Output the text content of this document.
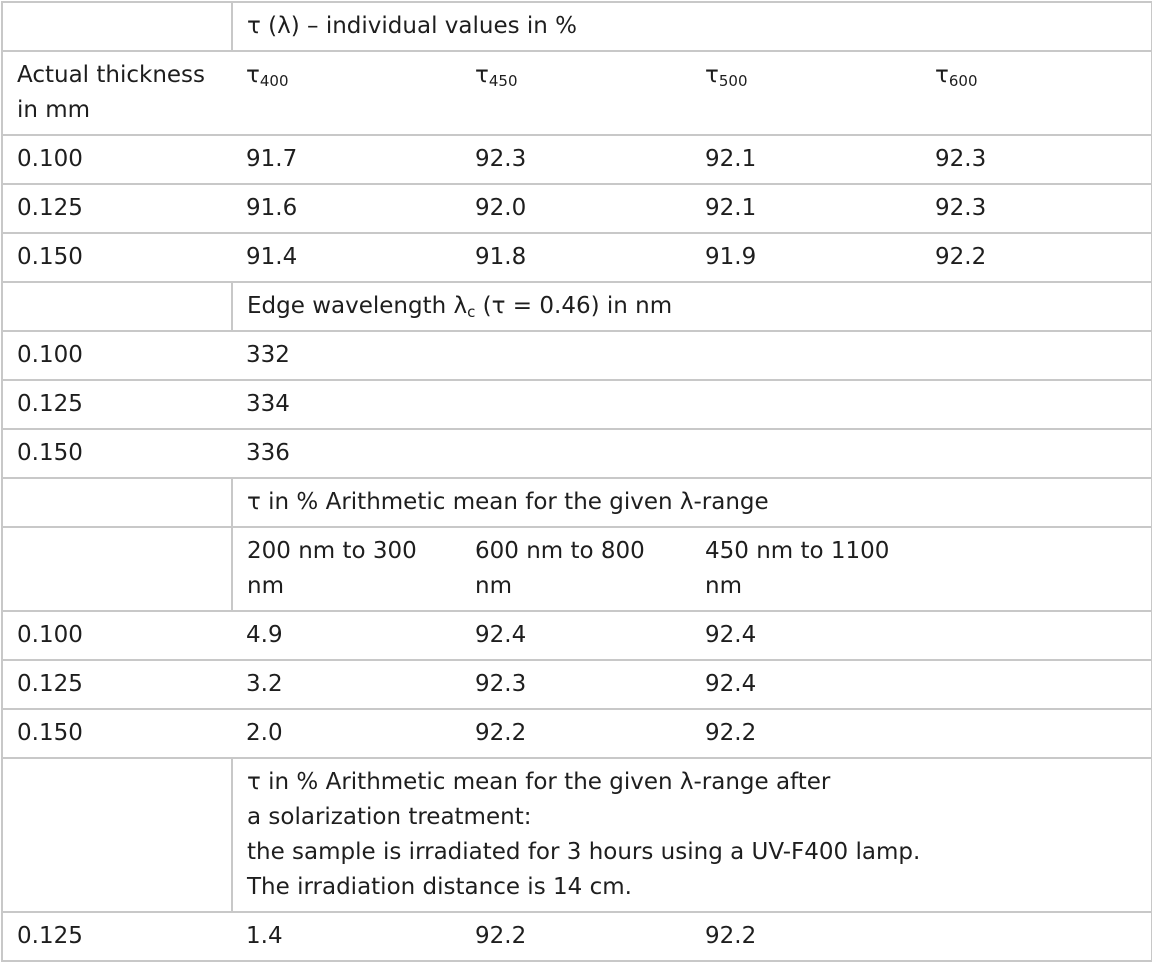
	τ (λ) – individual values in %			
Actual thickness in mm	$\tau_{400}$	$\tau_{450}$	$\tau_{500}$	$\tau_{600}$
0.100	91.7	92.3	92.1	92.3
0.125	91.6	92.0	92.1	92.3
0.150	91.4	91.8	91.9	92.2
	Edge wavelength $\lambda_c$ (τ = 0.46) in nm			
0.100	332			
0.125	334			
0.150	336			
	τ in % Arithmetic mean for the given λ-range			
	200 nm to 300 nm	600 nm to 800 nm	450 nm to 1100 nm	
0.100	4.9	92.4	92.4	
0.125	3.2	92.3	92.4	
0.150	2.0	92.2	92.2	
	τ in % Arithmetic mean for the given λ-range after
a solarization treatment:
the sample is irradiated for 3 hours using a UV-F400 lamp.
The irradiation distance is 14 cm.			
0.125	1.4	92.2	92.2	
